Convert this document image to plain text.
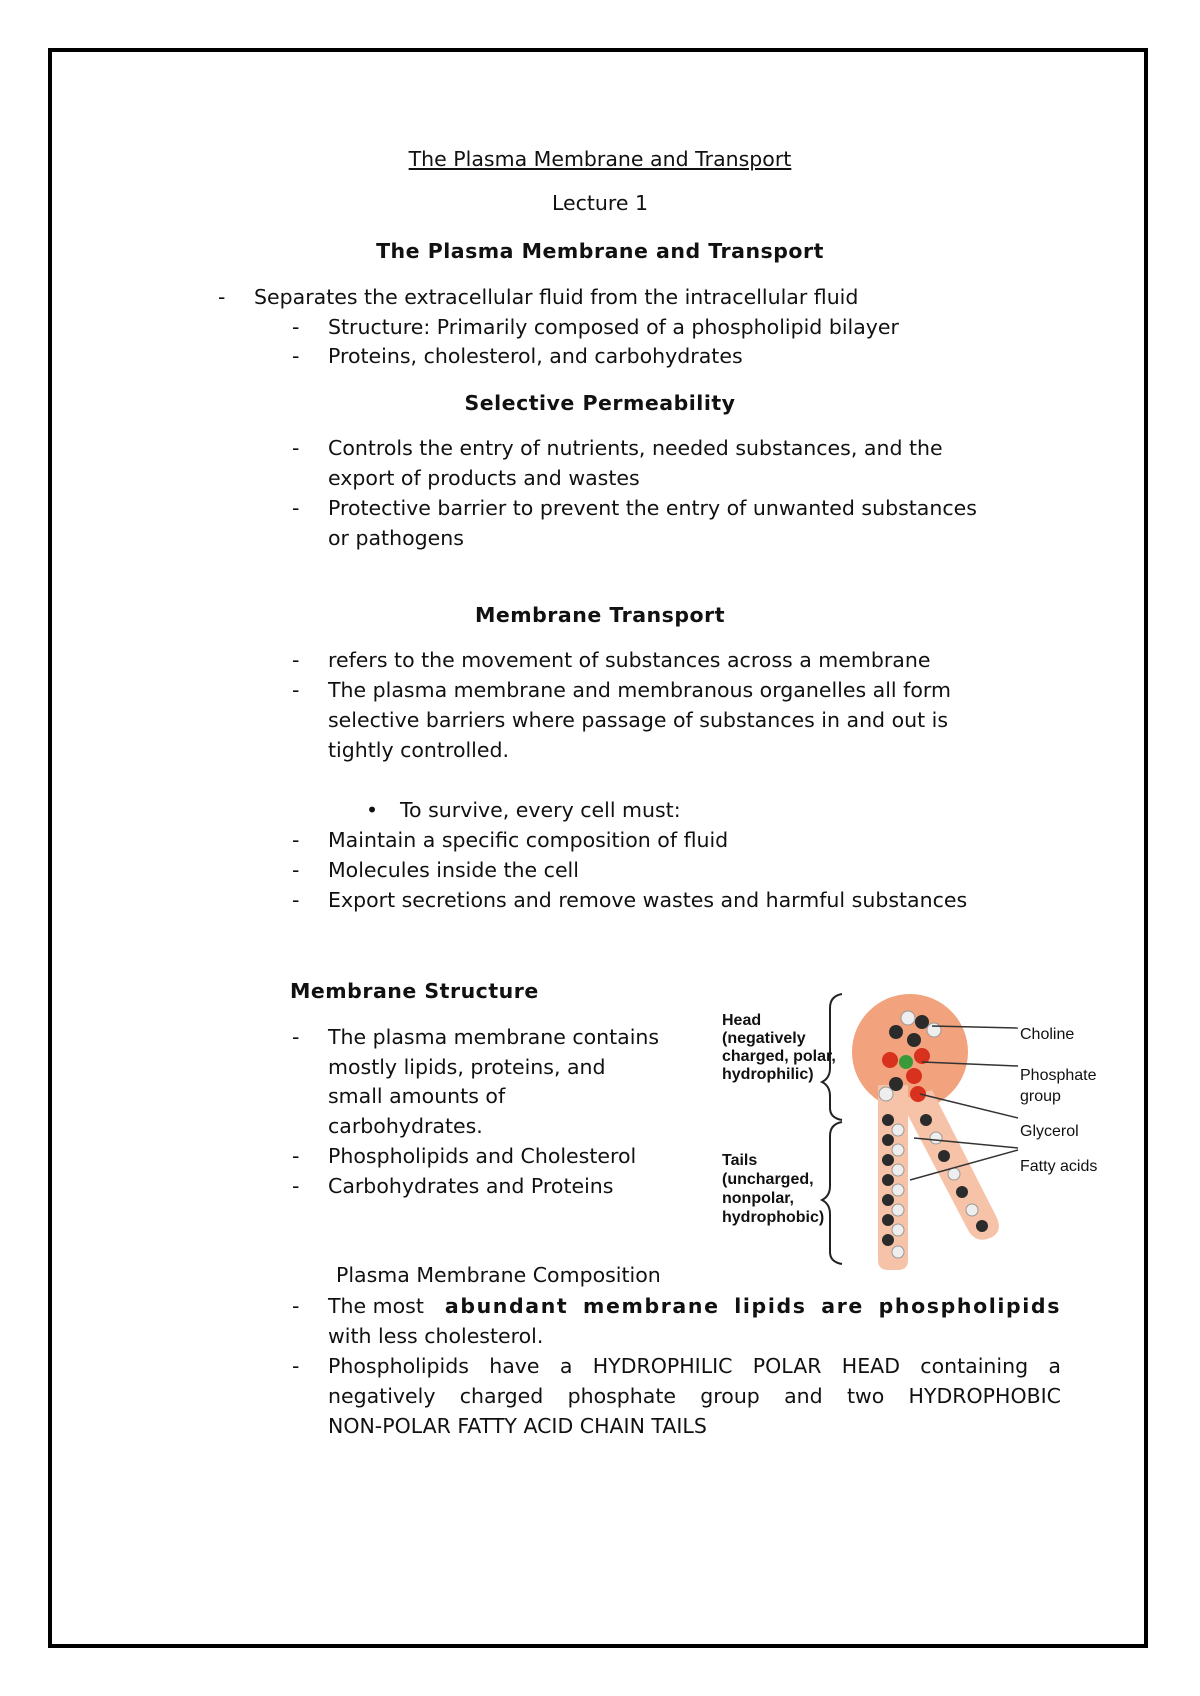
The Plasma Membrane and Transport
Lecture 1
The Plasma Membrane and Transport
- Separates the extracellular fluid from the intracellular fluid
- Structure: Primarily composed of a phospholipid bilayer
- Proteins, cholesterol, and carbohydrates
Selective Permeability
- Controls the entry of nutrients, needed substances, and the
export of products and wastes
- Protective barrier to prevent the entry of unwanted substances
or pathogens
Membrane Transport
- refers to the movement of substances across a membrane
- The plasma membrane and membranous organelles all form
selective barriers where passage of substances in and out is
tightly controlled.
• To survive, every cell must:
- Maintain a specific composition of fluid
- Molecules inside the cell
- Export secretions and remove wastes and harmful substances
Membrane Structure
- The plasma membrane contains
mostly lipids, proteins, and
small amounts of
carbohydrates.
- Phospholipids and Cholesterol
- Carbohydrates and Proteins
Head
(negatively
charged, polar,
hydrophilic)
Tails
(uncharged,
nonpolar,
hydrophobic)
Choline
Phosphate
group
Glycerol
Fatty acids
Plasma Membrane Composition
- The most abundant membrane lipids are phospholipids
with less cholesterol.
- Phospholipids have a HYDROPHILIC POLAR HEAD containing a
negatively charged phosphate group and two HYDROPHOBIC
NON-POLAR FATTY ACID CHAIN TAILS
